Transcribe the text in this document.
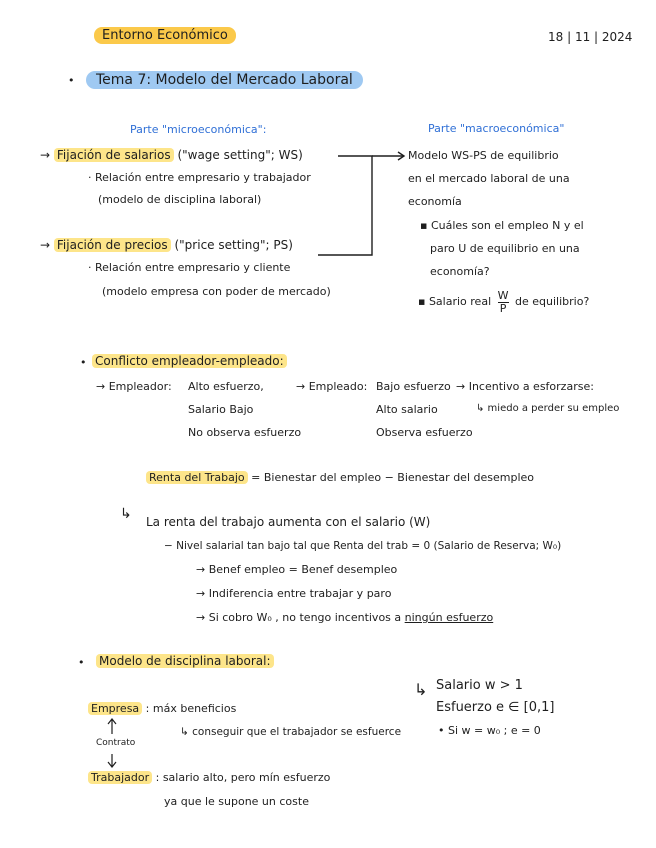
Entorno Económico	18 | 11 | 2024
•	Tema 7: Modelo del Mercado Laboral
Parte "microeconómica":
→ Fijación de salarios ("wage setting"; WS)
· Relación entre empresario y trabajador
(modelo de disciplina laboral)
→ Fijación de precios ("price setting"; PS)
· Relación entre empresario y cliente
(modelo empresa con poder de mercado)
Parte "macroeconómica"
Modelo WS-PS de equilibrio
en el mercado laboral de una
economía
▪ Cuáles son el empleo N y el
paro U de equilibrio en una
economía?
▪ Salario real $\frac{W}{P}$ de equilibrio?
• Conflicto empleador-empleado:
→ Empleador: Alto esfuerzo,
Salario Bajo
No observa esfuerzo
→ Empleado: Bajo esfuerzo
Alto salario
Observa esfuerzo
→ Incentivo a esforzarse:
↳ miedo a perder su empleo
Renta del Trabajo = Bienestar del empleo − Bienestar del desempleo
↳ La renta del trabajo aumenta con el salario (W)
− Nivel salarial tan bajo tal que Renta del trab = 0 (Salario de Reserva; W₀)
→ Benef empleo = Benef desempleo
→ Indiferencia entre trabajar y paro
→ Si cobro W₀ , no tengo incentivos a ningún esfuerzo
• Modelo de disciplina laboral:
Empresa : máx beneficios
↳ conseguir que el trabajador se esfuerce
Contrato
Trabajador : salario alto, pero mín esfuerzo
ya que le supone un coste
↳ Salario w > 1
Esfuerzo e ∈ [0,1]
• Si w = w₀ ; e = 0
